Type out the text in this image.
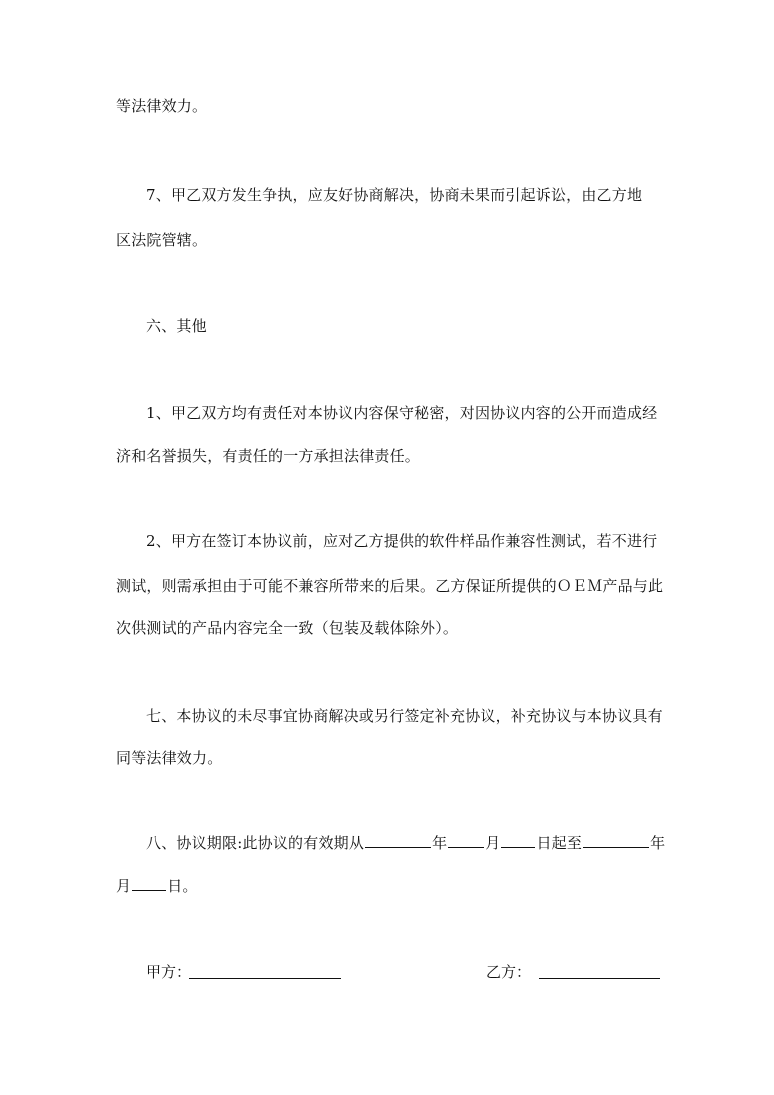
等法律效力。
7、甲乙双方发生争执，应友好协商解决，协商未果而引起诉讼，由乙方地
区法院管辖。
六、其他
1、甲乙双方均有责任对本协议内容保守秘密，对因协议内容的公开而造成经
济和名誉损失，有责任的一方承担法律责任。
2、甲方在签订本协议前，应对乙方提供的软件样品作兼容性测试，若不进行
测试，则需承担由于可能不兼容所带来的后果。乙方保证所提供的ＯＥＭ产品与此
次供测试的产品内容完全一致（包装及载体除外）。
七、本协议的未尽事宜协商解决或另行签定补充协议，补充协议与本协议具有
同等法律效力。
八、协议期限:此协议的有效期从	年	月 日起至	年
月 日。
甲方：	乙方：
